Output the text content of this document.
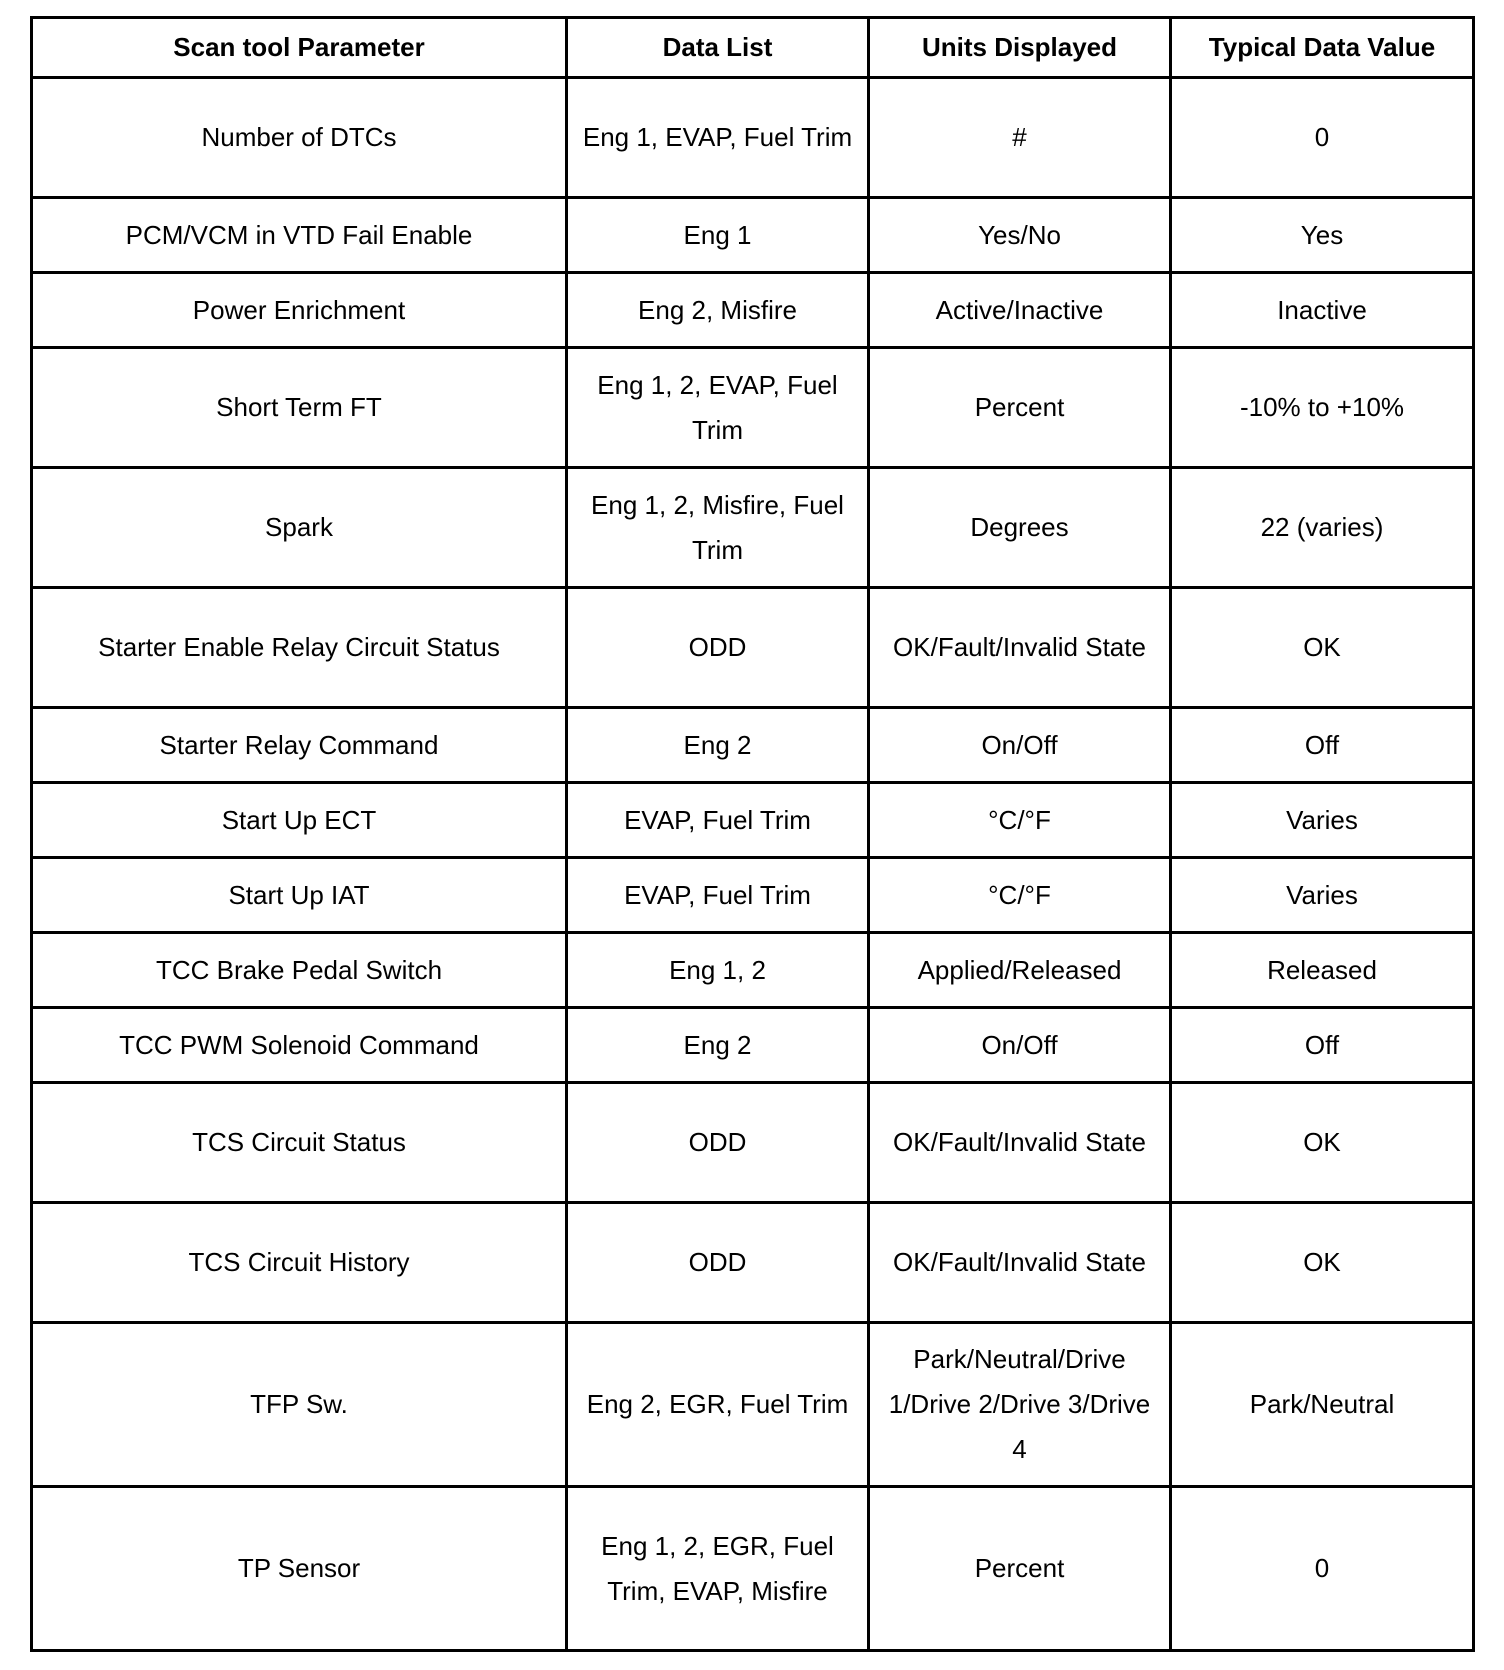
Scan tool Parameter	Data List	Units Displayed	Typical Data Value
Number of DTCs	Eng 1, EVAP, Fuel Trim	#	0
PCM/VCM in VTD Fail Enable	Eng 1	Yes/No	Yes
Power Enrichment	Eng 2, Misfire	Active/Inactive	Inactive
Short Term FT	Eng 1, 2, EVAP, Fuel Trim	Percent	-10% to +10%
Spark	Eng 1, 2, Misfire, Fuel Trim	Degrees	22 (varies)
Starter Enable Relay Circuit Status	ODD	OK/Fault/Invalid State	OK
Starter Relay Command	Eng 2	On/Off	Off
Start Up ECT	EVAP, Fuel Trim	°C/°F	Varies
Start Up IAT	EVAP, Fuel Trim	°C/°F	Varies
TCC Brake Pedal Switch	Eng 1, 2	Applied/Released	Released
TCC PWM Solenoid Command	Eng 2	On/Off	Off
TCS Circuit Status	ODD	OK/Fault/Invalid State	OK
TCS Circuit History	ODD	OK/Fault/Invalid State	OK
TFP Sw.	Eng 2, EGR, Fuel Trim	Park/Neutral/Drive 1/Drive 2/Drive 3/Drive 4	Park/Neutral
TP Sensor	Eng 1, 2, EGR, Fuel Trim, EVAP, Misfire	Percent	0
